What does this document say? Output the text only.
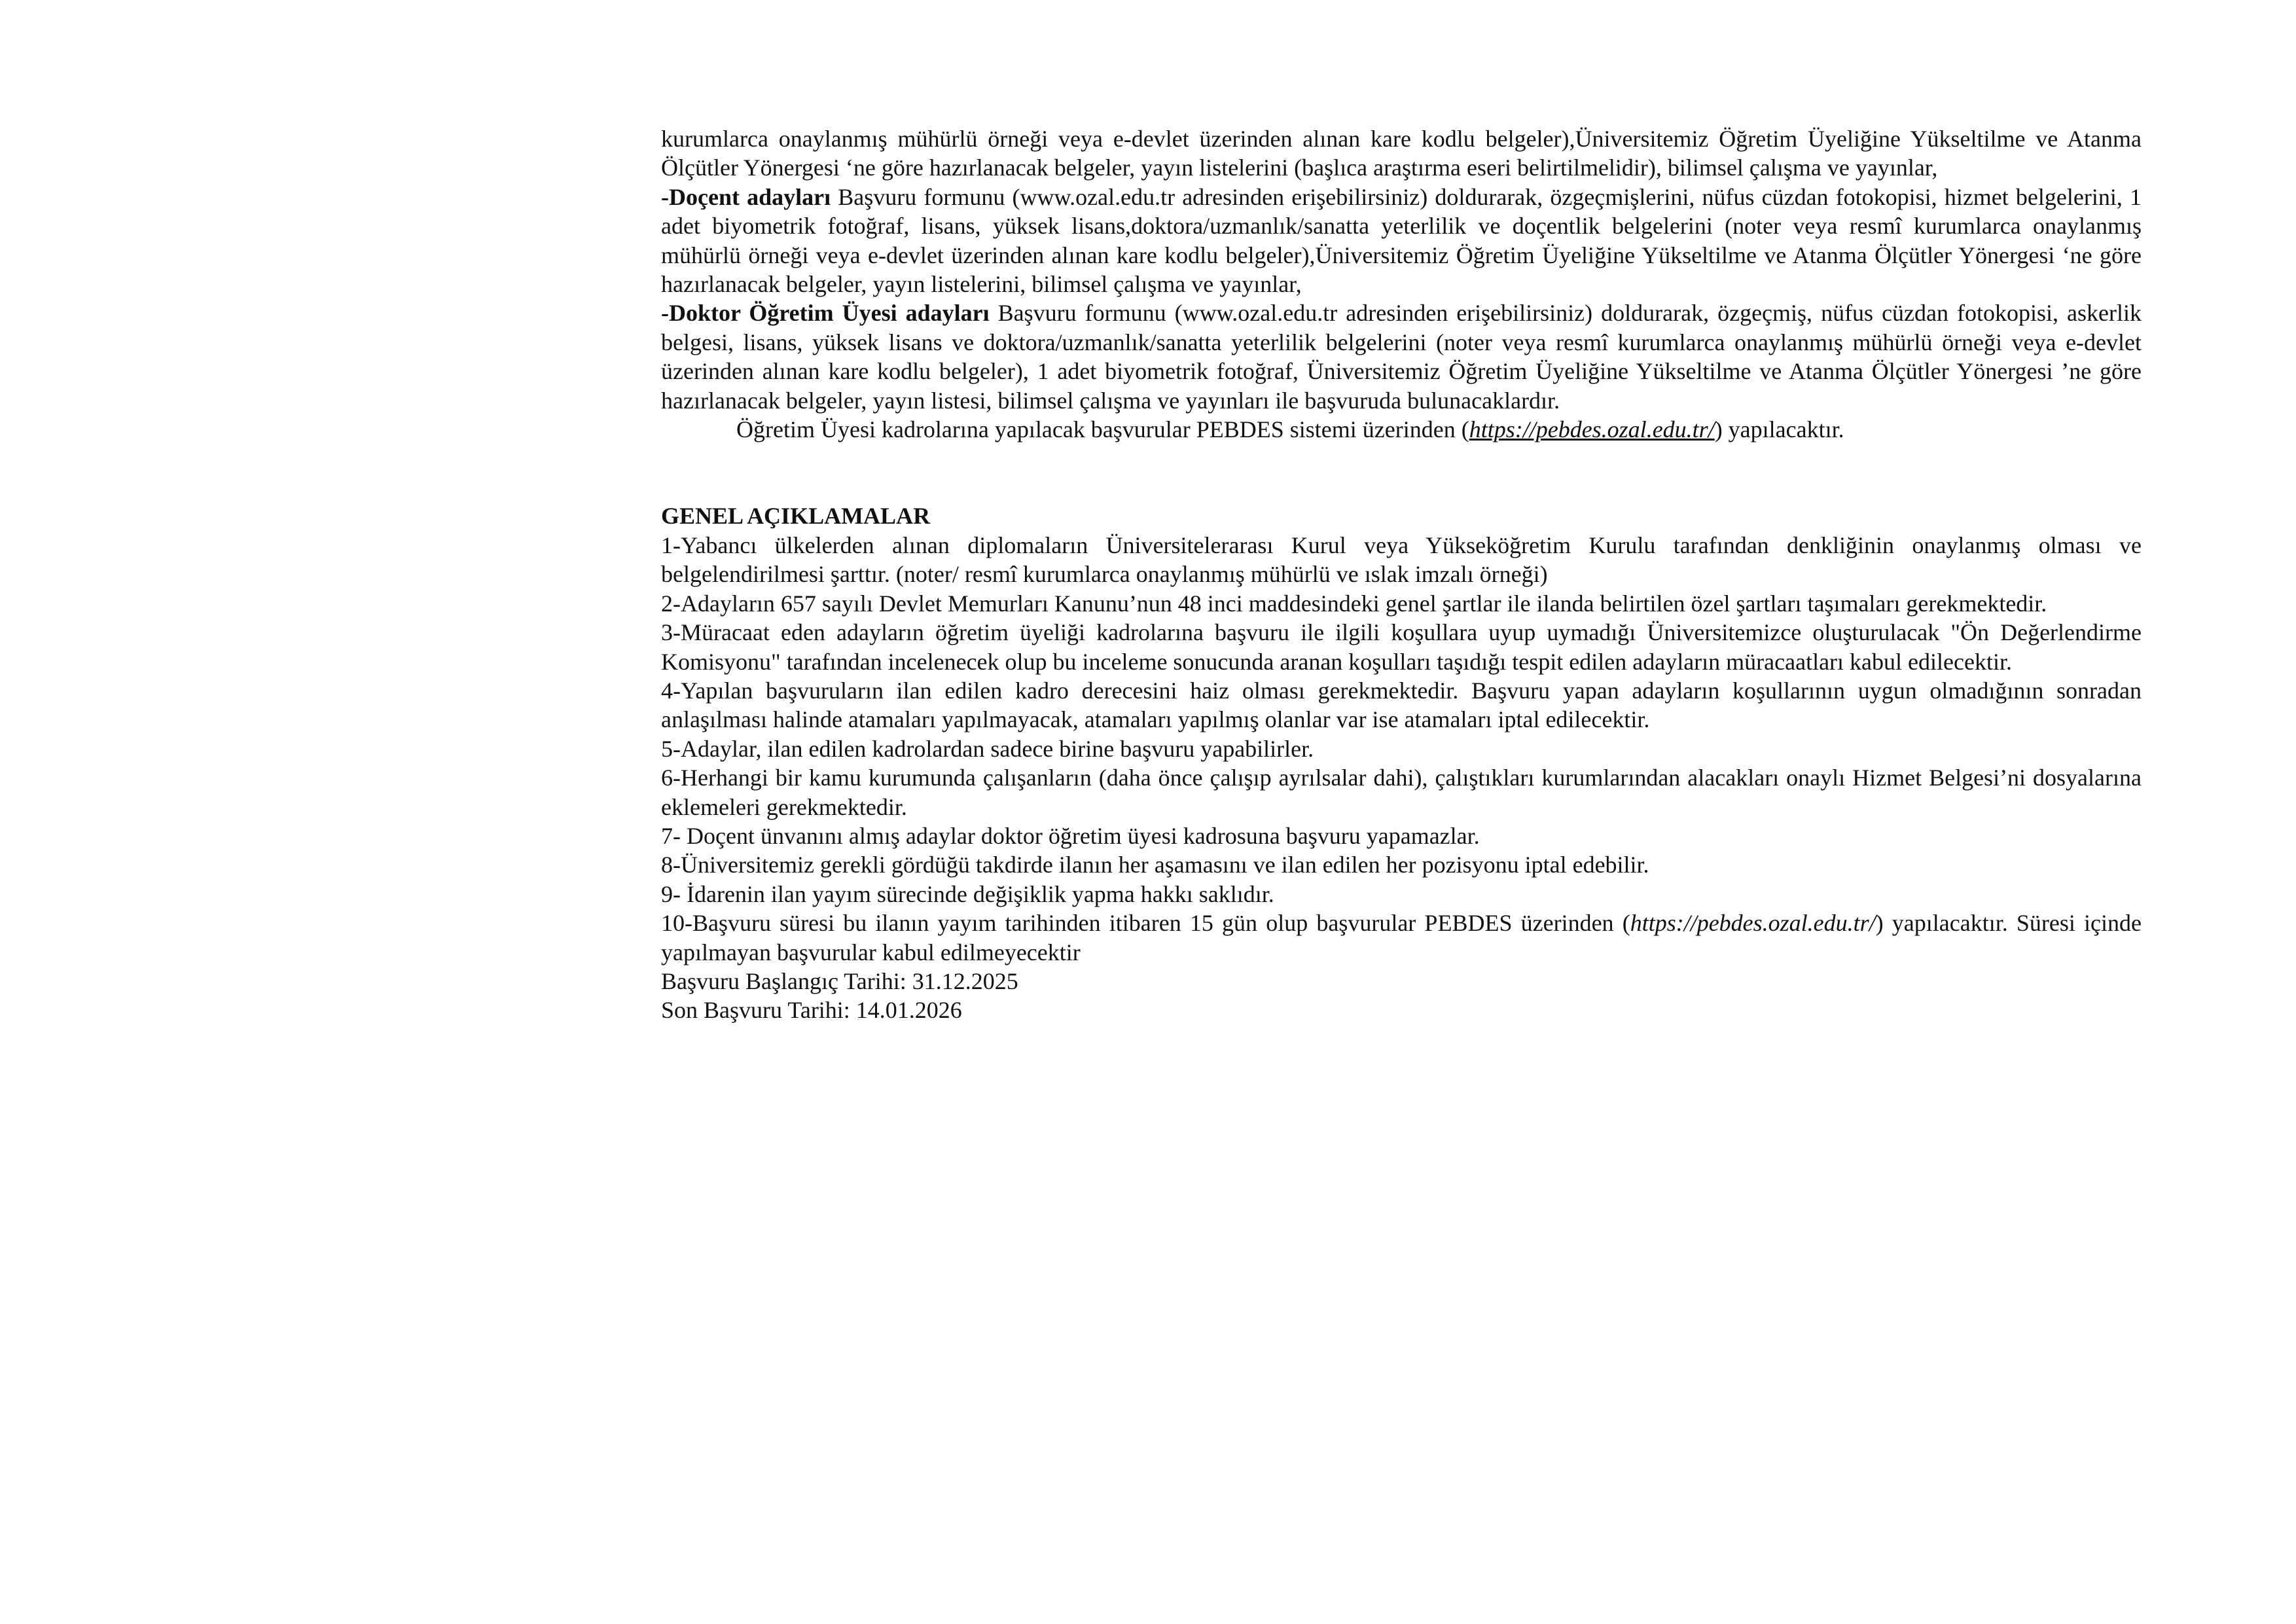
kurumlarca onaylanmış mühürlü örneği veya e-devlet üzerinden alınan kare kodlu belgeler),Üniversitemiz Öğretim Üyeliğine Yükseltilme ve Atanma Ölçütler Yönergesi ‘ne göre hazırlanacak belgeler, yayın listelerini (başlıca araştırma eseri belirtilmelidir), bilimsel çalışma ve yayınlar,

-Doçent adayları Başvuru formunu (www.ozal.edu.tr adresinden erişebilirsiniz) doldurarak, özgeçmişlerini, nüfus cüzdan fotokopisi, hizmet belgelerini, 1 adet biyometrik fotoğraf, lisans, yüksek lisans,doktora/uzmanlık/sanatta yeterlilik ve doçentlik belgelerini (noter veya resmî kurumlarca onaylanmış mühürlü örneği veya e-devlet üzerinden alınan kare kodlu belgeler),Üniversitemiz Öğretim Üyeliğine Yükseltilme ve Atanma Ölçütler Yönergesi ‘ne göre hazırlanacak belgeler, yayın listelerini, bilimsel çalışma ve yayınlar,

-Doktor Öğretim Üyesi adayları Başvuru formunu (www.ozal.edu.tr adresinden erişebilirsiniz) doldurarak, özgeçmiş, nüfus cüzdan fotokopisi, askerlik belgesi, lisans, yüksek lisans ve doktora/uzmanlık/sanatta yeterlilik belgelerini (noter veya resmî kurumlarca onaylanmış mühürlü örneği veya e-devlet üzerinden alınan kare kodlu belgeler), 1 adet biyometrik fotoğraf, Üniversitemiz Öğretim Üyeliğine Yükseltilme ve Atanma Ölçütler Yönergesi ’ne göre hazırlanacak belgeler, yayın listesi, bilimsel çalışma ve yayınları ile başvuruda bulunacaklardır.

Öğretim Üyesi kadrolarına yapılacak başvurular PEBDES sistemi üzerinden (https://pebdes.ozal.edu.tr/) yapılacaktır.

GENEL AÇIKLAMALAR

1-Yabancı ülkelerden alınan diplomaların Üniversitelerarası Kurul veya Yükseköğretim Kurulu tarafından denkliğinin onaylanmış olması ve belgelendirilmesi şarttır. (noter/ resmî kurumlarca onaylanmış mühürlü ve ıslak imzalı örneği)

2-Adayların 657 sayılı Devlet Memurları Kanunu’nun 48 inci maddesindeki genel şartlar ile ilanda belirtilen özel şartları taşımaları gerekmektedir.

3-Müracaat eden adayların öğretim üyeliği kadrolarına başvuru ile ilgili koşullara uyup uymadığı Üniversitemizce oluşturulacak "Ön Değerlendirme Komisyonu" tarafından incelenecek olup bu inceleme sonucunda aranan koşulları taşıdığı tespit edilen adayların müracaatları kabul edilecektir.

4-Yapılan başvuruların ilan edilen kadro derecesini haiz olması gerekmektedir. Başvuru yapan adayların koşullarının uygun olmadığının sonradan anlaşılması halinde atamaları yapılmayacak, atamaları yapılmış olanlar var ise atamaları iptal edilecektir.

5-Adaylar, ilan edilen kadrolardan sadece birine başvuru yapabilirler.

6-Herhangi bir kamu kurumunda çalışanların (daha önce çalışıp ayrılsalar dahi), çalıştıkları kurumlarından alacakları onaylı Hizmet Belgesi’ni dosyalarına eklemeleri gerekmektedir.

7- Doçent ünvanını almış adaylar doktor öğretim üyesi kadrosuna başvuru yapamazlar.

8-Üniversitemiz gerekli gördüğü takdirde ilanın her aşamasını ve ilan edilen her pozisyonu iptal edebilir.

9- İdarenin ilan yayım sürecinde değişiklik yapma hakkı saklıdır.

10-Başvuru süresi bu ilanın yayım tarihinden itibaren 15 gün olup başvurular PEBDES üzerinden (https://pebdes.ozal.edu.tr/) yapılacaktır. Süresi içinde yapılmayan başvurular kabul edilmeyecektir

Başvuru Başlangıç Tarihi: 31.12.2025

Son Başvuru Tarihi: 14.01.2026
